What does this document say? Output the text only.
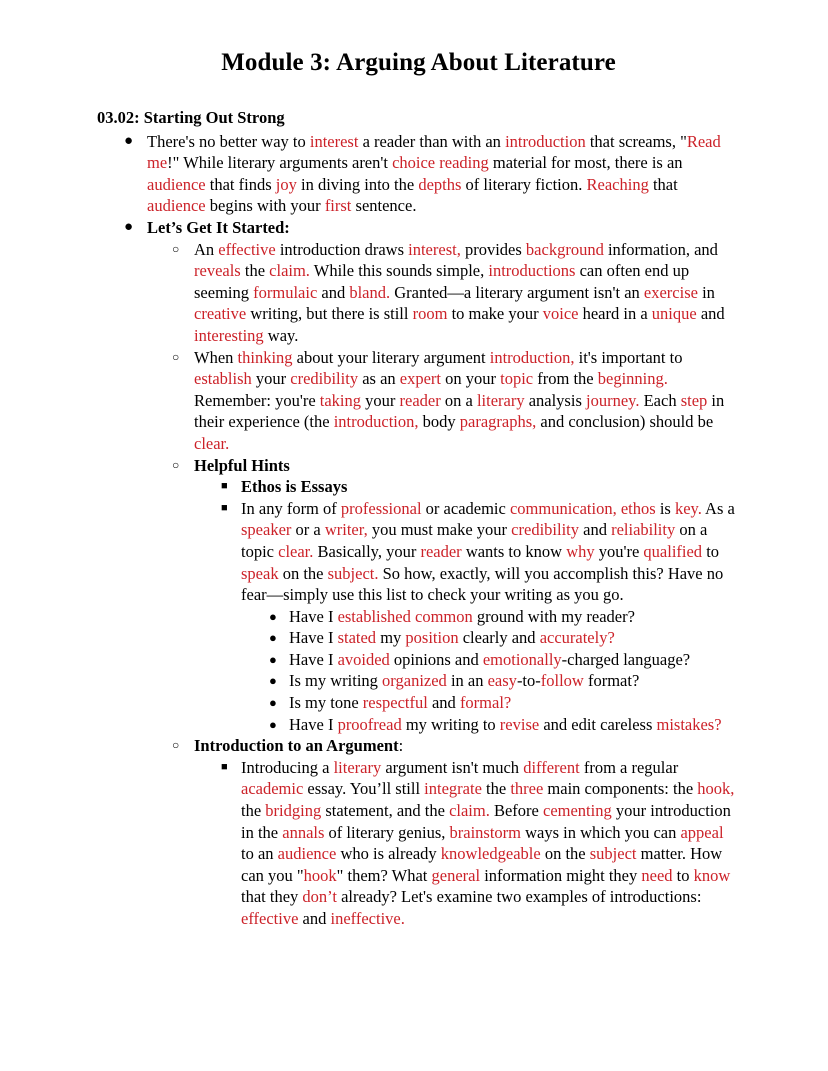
Module 3: Arguing About Literature
03.02: Starting Out Strong
● There's no better way to interest a reader than with an introduction that screams, "Read me!" While literary arguments aren't choice reading material for most, there is an audience that finds joy in diving into the depths of literary fiction. Reaching that audience begins with your first sentence.
● Let’s Get It Started:
○ An effective introduction draws interest, provides background information, and reveals the claim. While this sounds simple, introductions can often end up seeming formulaic and bland. Granted—a literary argument isn't an exercise in creative writing, but there is still room to make your voice heard in a unique and interesting way.
○ When thinking about your literary argument introduction, it's important to establish your credibility as an expert on your topic from the beginning. Remember: you're taking your reader on a literary analysis journey. Each step in their experience (the introduction, body paragraphs, and conclusion) should be clear.
○ Helpful Hints
■ Ethos is Essays
■ In any form of professional or academic communication, ethos is key. As a speaker or a writer, you must make your credibility and reliability on a topic clear. Basically, your reader wants to know why you're qualified to speak on the subject. So how, exactly, will you accomplish this? Have no fear—simply use this list to check your writing as you go.
● Have I established common ground with my reader?
● Have I stated my position clearly and accurately?
● Have I avoided opinions and emotionally-charged language?
● Is my writing organized in an easy-to-follow format?
● Is my tone respectful and formal?
● Have I proofread my writing to revise and edit careless mistakes?
○ Introduction to an Argument:
■ Introducing a literary argument isn't much different from a regular academic essay. You’ll still integrate the three main components: the hook, the bridging statement, and the claim. Before cementing your introduction in the annals of literary genius, brainstorm ways in which you can appeal to an audience who is already knowledgeable on the subject matter. How can you "hook" them? What general information might they need to know that they don’t already? Let's examine two examples of introductions: effective and ineffective.
